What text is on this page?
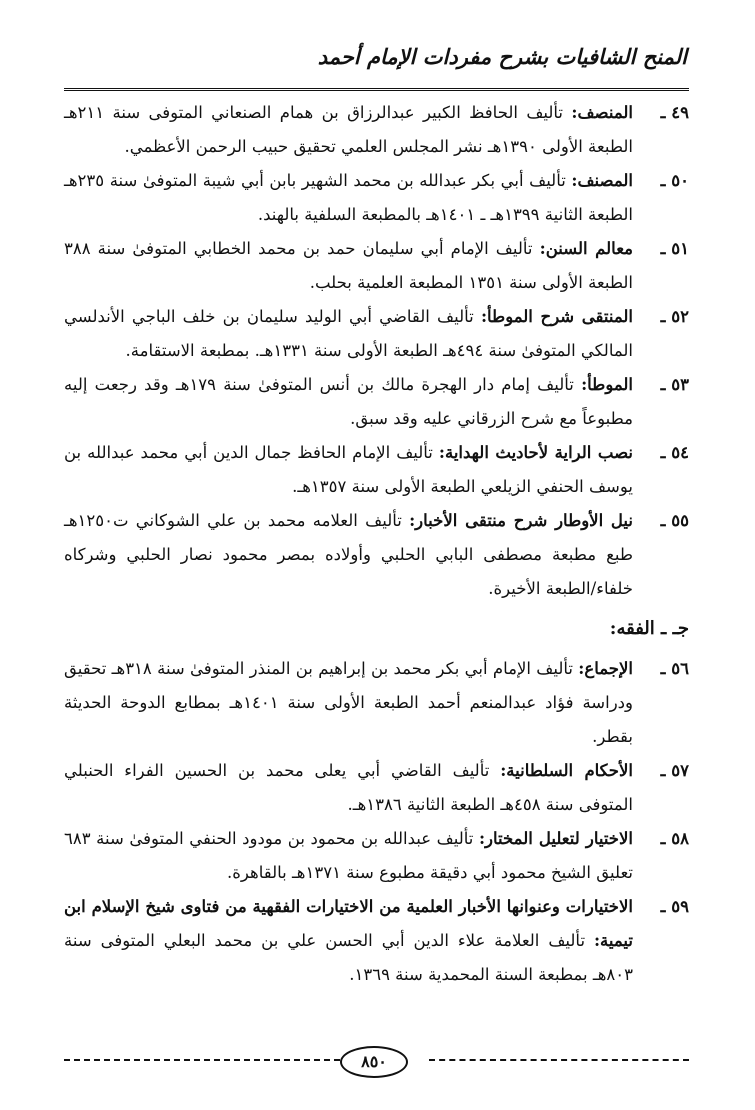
المنح الشافيات بشرح مفردات الإمام أحمد
٤٩ ـ
المنصف: تأليف الحافظ الكبير عبدالرزاق بن همام الصنعاني المتوفى سنة ٢١١هـ الطبعة الأولى ١٣٩٠هـ نشر المجلس العلمي تحقيق حبيب الرحمن الأعظمي.
٥٠ ـ
المصنف: تأليف أبي بكر عبدالله بن محمد الشهير بابن أبي شيبة المتوفىٰ سنة ٢٣٥هـ الطبعة الثانية ١٣٩٩هـ ـ ١٤٠١هـ بالمطبعة السلفية بالهند.
٥١ ـ
معالم السنن: تأليف الإمام أبي سليمان حمد بن محمد الخطابي المتوفىٰ سنة ٣٨٨ الطبعة الأولى سنة ١٣٥١ المطبعة العلمية بحلب.
٥٢ ـ
المنتقى شرح الموطأ: تأليف القاضي أبي الوليد سليمان بن خلف الباجي الأندلسي المالكي المتوفىٰ سنة ٤٩٤هـ الطبعة الأولى سنة ١٣٣١هـ. بمطبعة الاستقامة.
٥٣ ـ
الموطأ: تأليف إمام دار الهجرة مالك بن أنس المتوفىٰ سنة ١٧٩هـ وقد رجعت إليه مطبوعاً مع شرح الزرقاني عليه وقد سبق.
٥٤ ـ
نصب الراية لأحاديث الهداية: تأليف الإمام الحافظ جمال الدين أبي محمد عبدالله بن يوسف الحنفي الزيلعي الطبعة الأولى سنة ١٣٥٧هـ.
٥٥ ـ
نيل الأوطار شرح منتقى الأخبار: تأليف العلامه محمد بن علي الشوكاني ت١٢٥٠هـ طبع مطبعة مصطفى البابي الحلبي وأولاده بمصر محمود نصار الحلبي وشركاه خلفاء/الطبعة الأخيرة.
جـ ـ الفقه:
٥٦ ـ
الإجماع: تأليف الإمام أبي بكر محمد بن إبراهيم بن المنذر المتوفىٰ سنة ٣١٨هـ تحقيق ودراسة فؤاد عبدالمنعم أحمد الطبعة الأولى سنة ١٤٠١هـ بمطابع الدوحة الحديثة بقطر.
٥٧ ـ
الأحكام السلطانية: تأليف القاضي أبي يعلى محمد بن الحسين الفراء الحنبلي المتوفى سنة ٤٥٨هـ الطبعة الثانية ١٣٨٦هـ.
٥٨ ـ
الاختيار لتعليل المختار: تأليف عبدالله بن محمود بن مودود الحنفي المتوفىٰ سنة ٦٨٣ تعليق الشيخ محمود أبي دقيقة مطبوع سنة ١٣٧١هـ بالقاهرة.
٥٩ ـ
الاختيارات وعنوانها الأخبار العلمية من الاختيارات الفقهية من فتاوى شيخ الإسلام ابن تيمية: تأليف العلامة علاء الدين أبي الحسن علي بن محمد البعلي المتوفى سنة ٨٠٣هـ بمطبعة السنة المحمدية سنة ١٣٦٩.
٨٥٠
